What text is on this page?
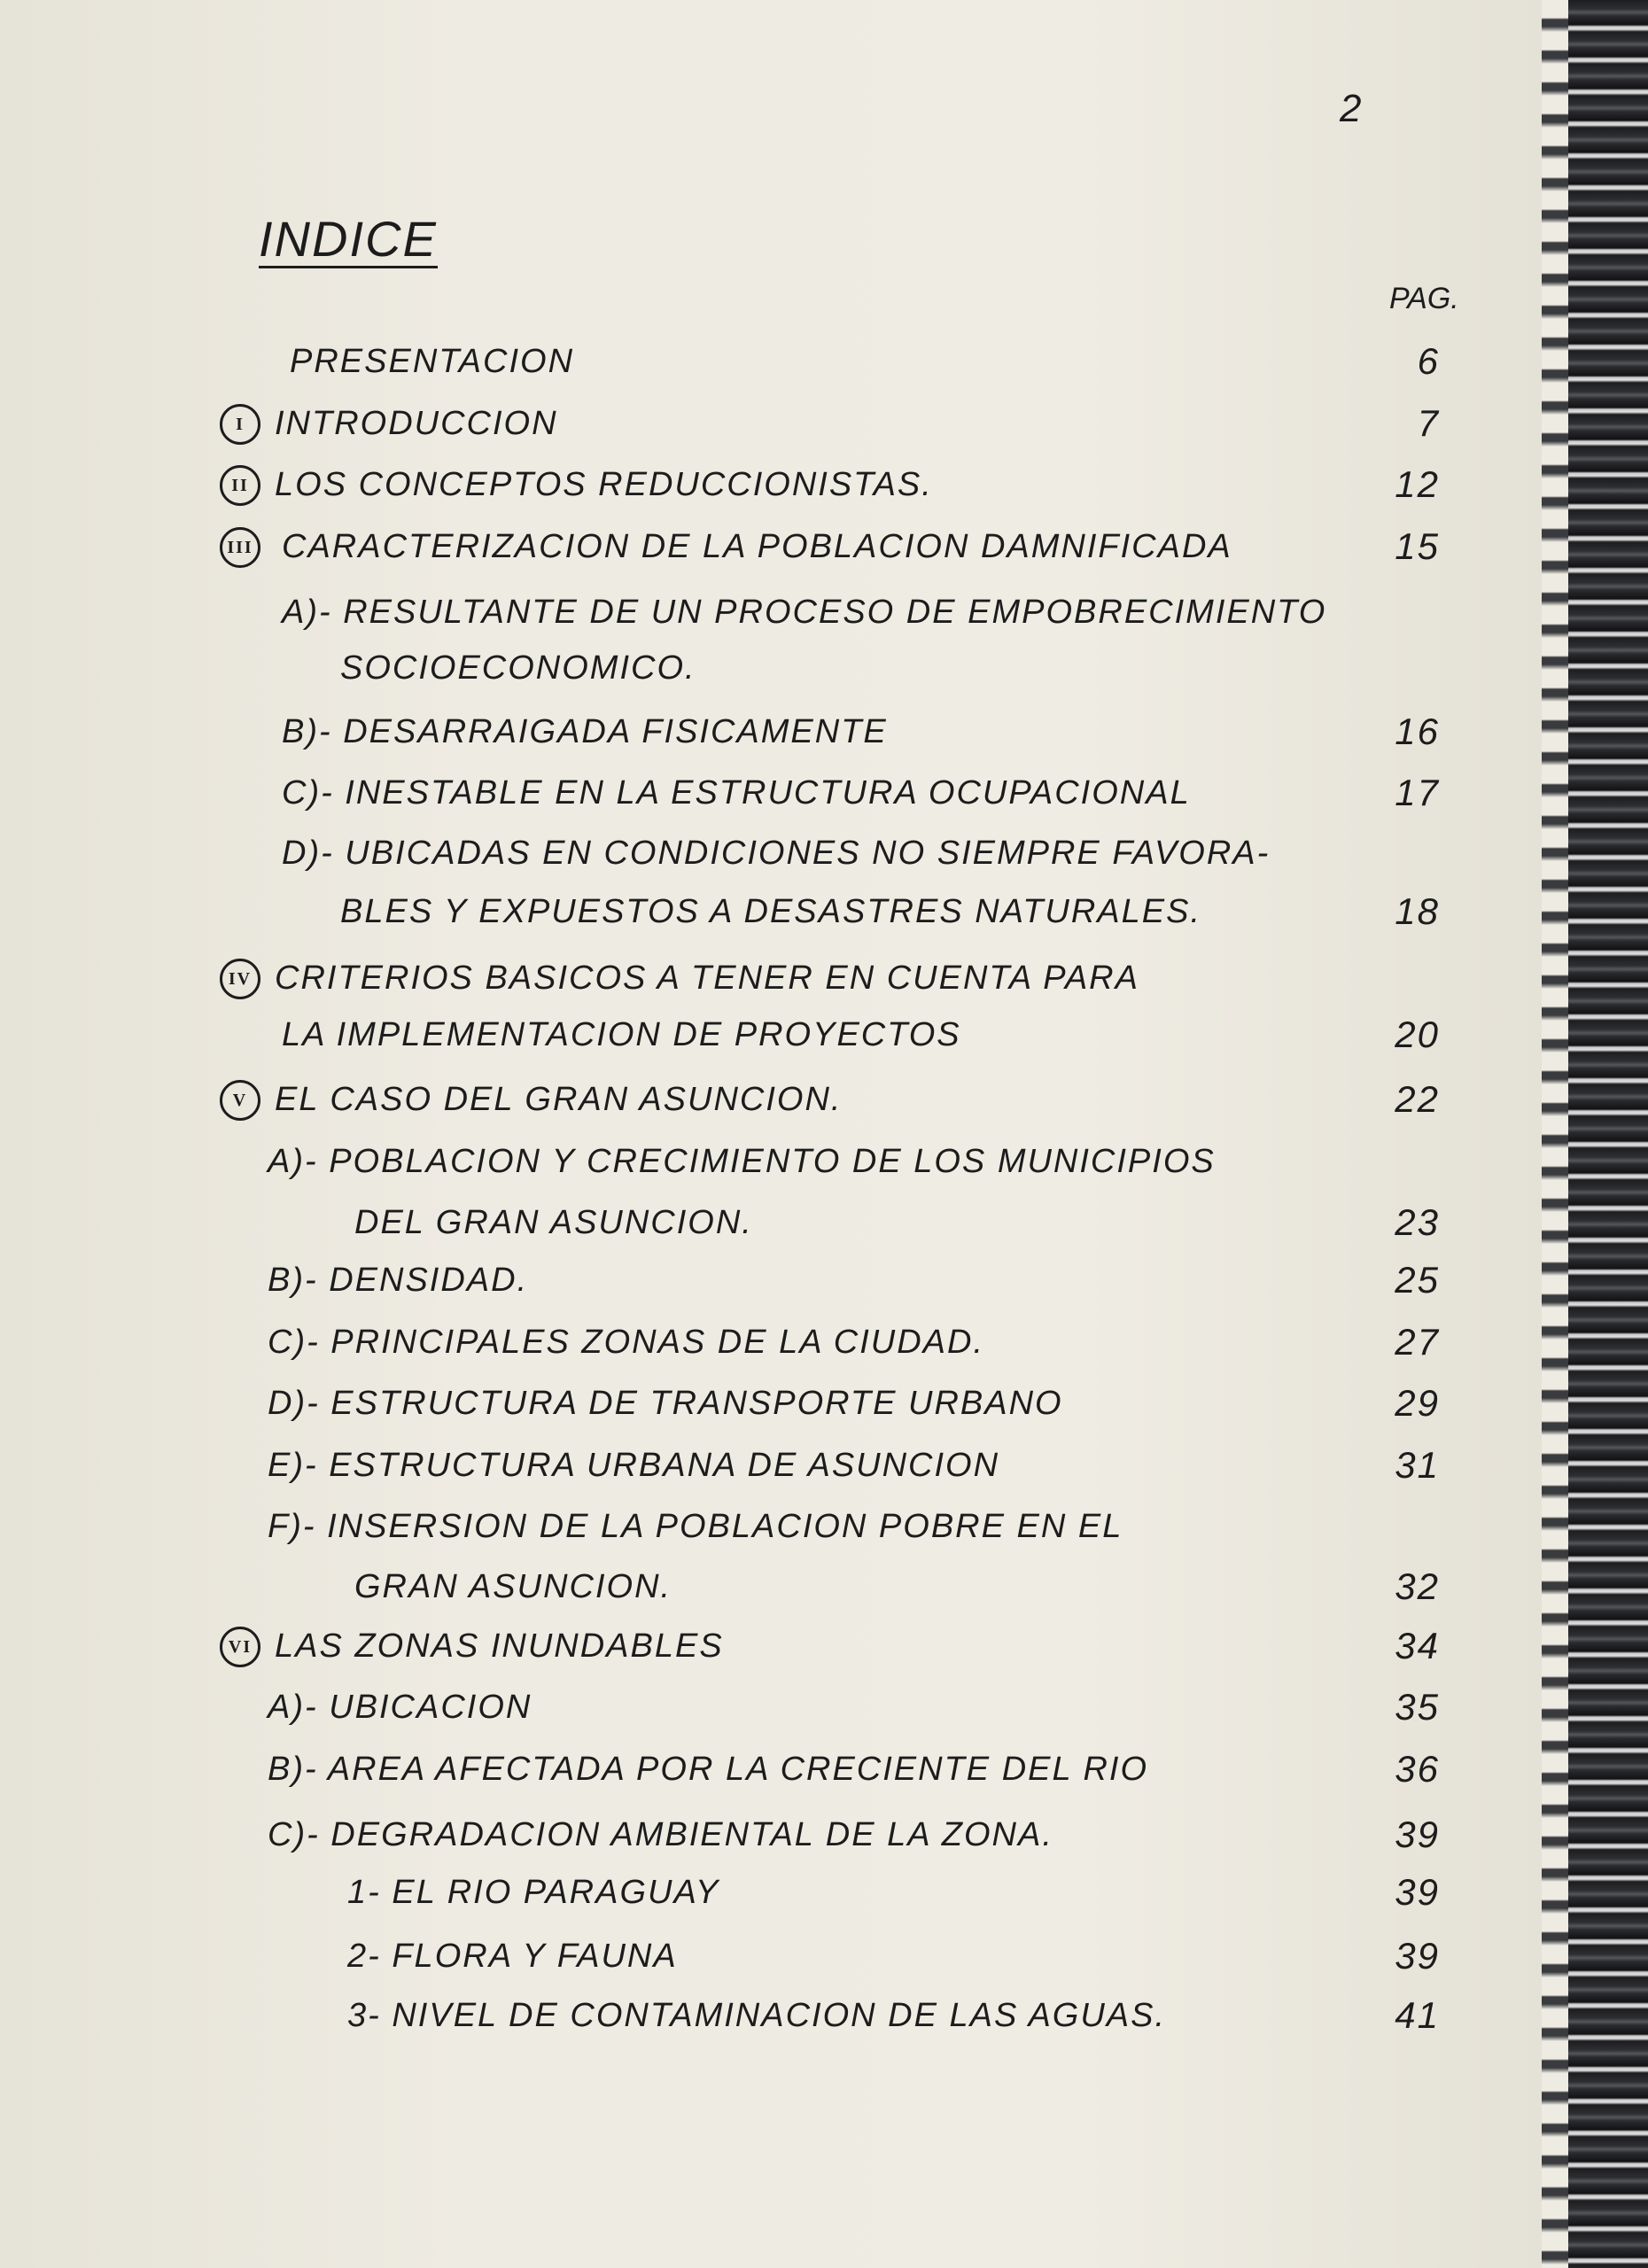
2
INDICE
PAG.
PRESENTACION	6
I INTRODUCCION	7
II LOS CONCEPTOS REDUCCIONISTAS.	12
III CARACTERIZACION DE LA POBLACION DAMNIFICADA	15
A)- RESULTANTE DE UN PROCESO DE EMPOBRECIMIENTO
SOCIOECONOMICO.
B)- DESARRAIGADA FISICAMENTE	16
C)- INESTABLE EN LA ESTRUCTURA OCUPACIONAL	17
D)- UBICADAS EN CONDICIONES NO SIEMPRE FAVORA-
BLES Y EXPUESTOS A DESASTRES NATURALES.	18
IV CRITERIOS BASICOS A TENER EN CUENTA PARA
LA IMPLEMENTACION DE PROYECTOS	20
V EL CASO DEL GRAN ASUNCION.	22
A)- POBLACION Y CRECIMIENTO DE LOS MUNICIPIOS
DEL GRAN ASUNCION.	23
B)- DENSIDAD.	25
C)- PRINCIPALES ZONAS DE LA CIUDAD.	27
D)- ESTRUCTURA DE TRANSPORTE URBANO	29
E)- ESTRUCTURA URBANA DE ASUNCION	31
F)- INSERSION DE LA POBLACION POBRE EN EL
GRAN ASUNCION.	32
VI LAS ZONAS INUNDABLES	34
A)- UBICACION	35
B)- AREA AFECTADA POR LA CRECIENTE DEL RIO	36
C)- DEGRADACION AMBIENTAL DE LA ZONA.	39
1- EL RIO PARAGUAY	39
2- FLORA Y FAUNA	39
3- NIVEL DE CONTAMINACION DE LAS AGUAS.	41
